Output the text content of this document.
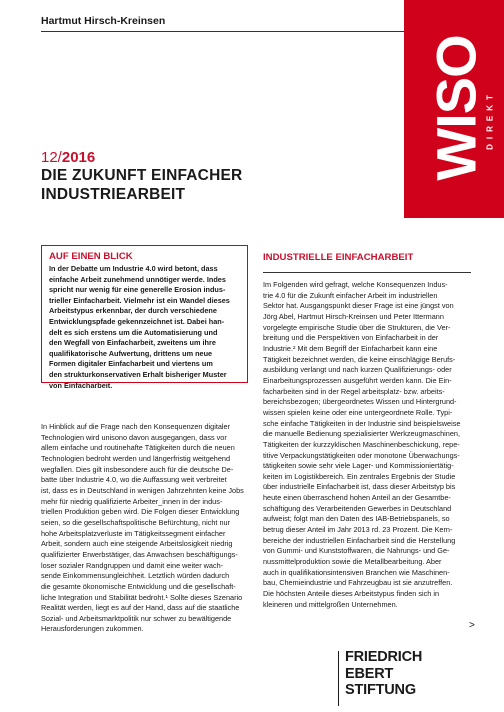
Hartmut Hirsch-Kreinsen
WISO
DIREKT
12/2016
DIE ZUKUNFT EINFACHER
INDUSTRIEARBEIT
AUF EINEN BLICK
In der Debatte um Industrie 4.0 wird betont, dass
einfache Arbeit zunehmend unnötiger werde. Indes
spricht nur wenig für eine generelle Erosion indus-
trieller Einfacharbeit. Vielmehr ist ein Wandel dieses
Arbeitstypus erkennbar, der durch verschiedene
Entwicklungspfade gekennzeichnet ist. Dabei han-
delt es sich erstens um die Automatisierung und
den Wegfall von Einfacharbeit, zweitens um ihre
qualifikatorische Aufwertung, drittens um neue
Formen digitaler Einfacharbeit und viertens um
den strukturkonservativen Erhalt bisheriger Muster
von Einfacharbeit.
In Hinblick auf die Frage nach den Konsequenzen digitaler
Technologien wird unisono davon ausgegangen, dass vor
allem einfache und routinehafte Tätigkeiten durch die neuen
Technologien bedroht werden und längerfristig weitgehend
wegfallen. Dies gilt insbesondere auch für die deutsche De-
batte über Industrie 4.0, wo die Auffassung weit verbreitet
ist, dass es in Deutschland in wenigen Jahrzehnten keine Jobs
mehr für niedrig qualifizierte Arbeiter_innen in der indus-
triellen Produktion geben wird. Die Folgen dieser Entwicklung
seien, so die gesellschaftspolitische Befürchtung, nicht nur
hohe Arbeitsplatzverluste im Tätigkeitssegment einfacher
Arbeit, sondern auch eine steigende Arbeitslosigkeit niedrig
qualifizierter Erwerbstätiger, das Anwachsen beschäftigungs-
loser sozialer Randgruppen und damit eine weiter wach-
sende Einkommensungleichheit. Letztlich würden dadurch
die gesamte ökonomische Entwicklung und die gesellschaft-
liche Integration und Stabilität bedroht.¹ Sollte dieses Szenario
Realität werden, liegt es auf der Hand, dass auf die staatliche
Sozial- und Arbeitsmarktpolitik nur schwer zu bewältigende
Herausforderungen zukommen.
INDUSTRIELLE EINFACHARBEIT
Im Folgenden wird gefragt, welche Konsequenzen Indus-
trie 4.0 für die Zukunft einfacher Arbeit im industriellen
Sektor hat. Ausgangspunkt dieser Frage ist eine jüngst von
Jörg Abel, Hartmut Hirsch-Kreinsen und Peter Ittermann
vorgelegte empirische Studie über die Strukturen, die Ver-
breitung und die Perspektiven von Einfacharbeit in der
Industrie.² Mit dem Begriff der Einfacharbeit kann eine
Tätigkeit bezeichnet werden, die keine einschlägige Berufs-
ausbildung verlangt und nach kurzen Qualifizierungs- oder
Einarbeitungsprozessen ausgeführt werden kann. Die Ein-
facharbeiten sind in der Regel arbeitsplatz- bzw. arbeits-
bereichsbezogen; übergeordnetes Wissen und Hintergrund-
wissen spielen keine oder eine untergeordnete Rolle. Typi-
sche einfache Tätigkeiten in der Industrie sind beispielsweise
die manuelle Bedienung spezialisierter Werkzeugmaschinen,
Tätigkeiten der kurzzyklischen Maschinenbeschickung, repe-
titive Verpackungstätigkeiten oder monotone Überwachungs-
tätigkeiten sowie sehr viele Lager- und Kommissioniertätig-
keiten im Logistikbereich. Ein zentrales Ergebnis der Studie
über industrielle Einfacharbeit ist, dass dieser Arbeitstyp bis
heute einen überraschend hohen Anteil an der Gesamtbe-
schäftigung des Verarbeitenden Gewerbes in Deutschland
aufweist; folgt man den Daten des IAB-Betriebspanels, so
betrug dieser Anteil im Jahr 2013 rd. 23 Prozent. Die Kern-
bereiche der industriellen Einfacharbeit sind die Herstellung
von Gummi- und Kunststoffwaren, die Nahrungs- und Ge-
nussmittelproduktion sowie die Metallbearbeitung. Aber
auch in qualifikationsintensiven Branchen wie Maschinen-
bau, Chemieindustrie und Fahrzeugbau ist sie anzutreffen.
Die höchsten Anteile dieses Arbeitstypus finden sich in
kleineren und mittelgroßen Unternehmen.
>
FRIEDRICH
EBERT
STIFTUNG
